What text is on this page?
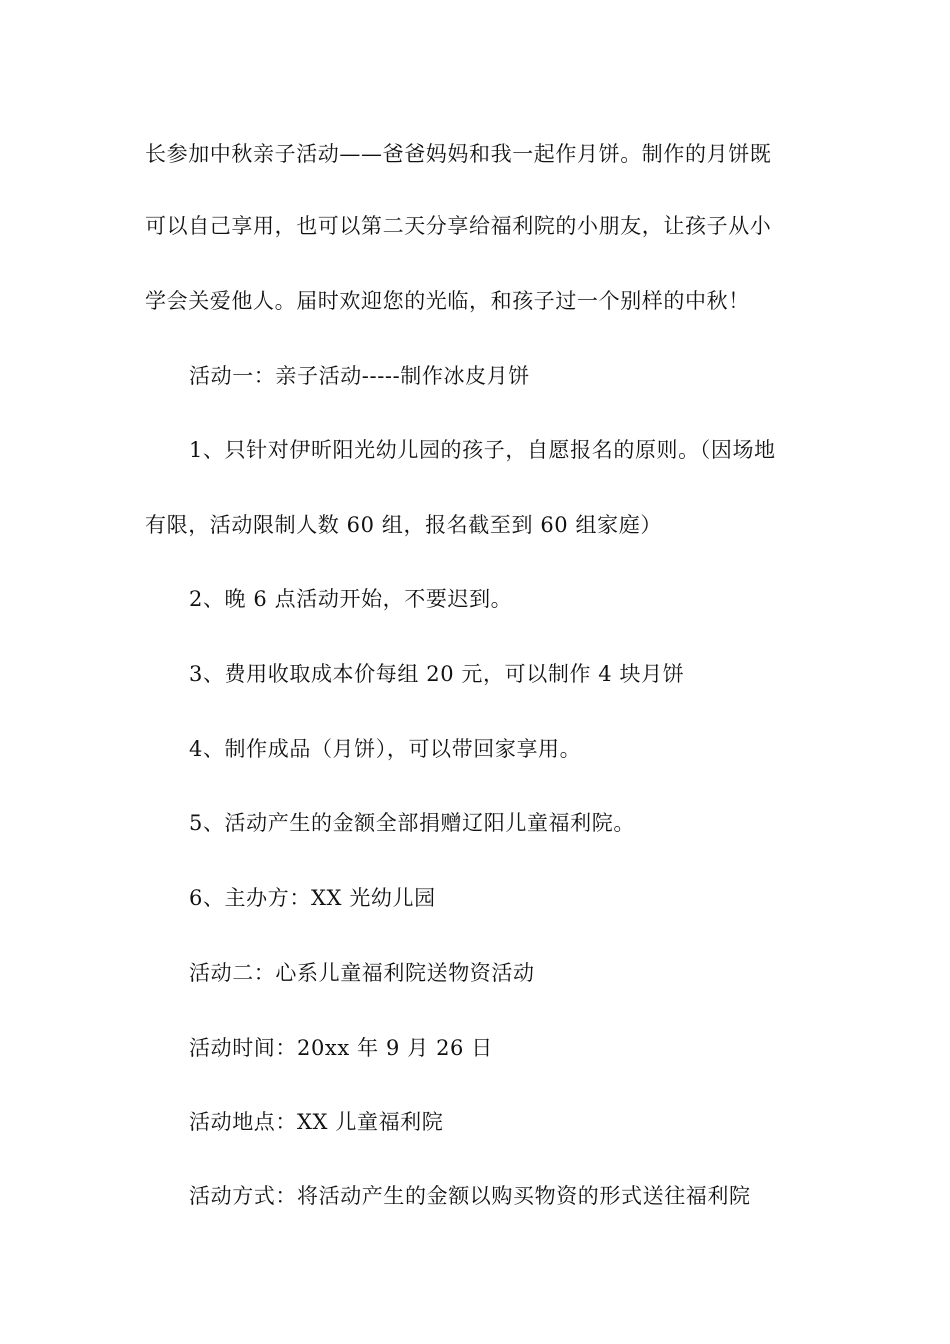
长参加中秋亲子活动——爸爸妈妈和我一起作月饼。制作的月饼既
可以自己享用，也可以第二天分享给福利院的小朋友，让孩子从小
学会关爱他人。届时欢迎您的光临，和孩子过一个别样的中秋！
活动一：亲子活动-----制作冰皮月饼
1、只针对伊昕阳光幼儿园的孩子，自愿报名的原则。（因场地
有限，活动限制人数 60 组，报名截至到 60 组家庭）
2、晚 6 点活动开始，不要迟到。
3、费用收取成本价每组 20 元，可以制作 4 块月饼
4、制作成品（月饼），可以带回家享用。
5、活动产生的金额全部捐赠辽阳儿童福利院。
6、主办方：XX 光幼儿园
活动二：心系儿童福利院送物资活动
活动时间：20xx 年 9 月 26 日
活动地点：XX 儿童福利院
活动方式：将活动产生的金额以购买物资的形式送往福利院
